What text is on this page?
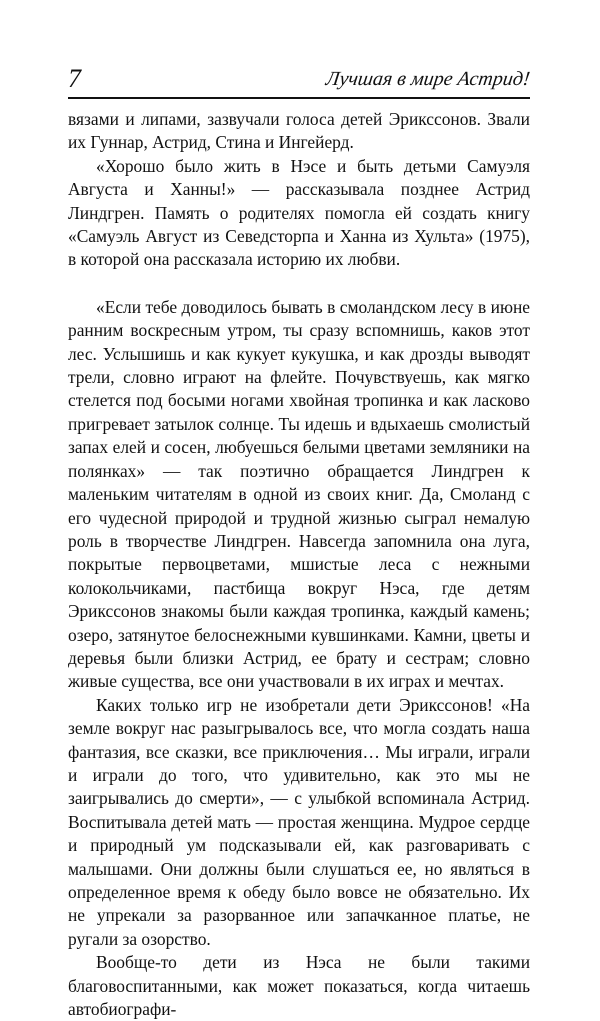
7	Лучшая в мире Астрид!

вязами и липами, зазвучали голоса детей Эрикссонов. Звали их Гуннар, Астрид, Стина и Ингейерд.

«Хорошо было жить в Нэсе и быть детьми Самуэля Августа и Ханны!» — рассказывала позднее Астрид Линдгрен. Память о родителях помогла ей создать книгу «Самуэль Август из Севедсторпа и Ханна из Хульта» (1975), в которой она рассказала историю их любви.

«Если тебе доводилось бывать в смоландском лесу в июне ранним воскресным утром, ты сразу вспомнишь, каков этот лес. Услышишь и как кукует кукушка, и как дрозды выводят трели, словно играют на флейте. Почувствуешь, как мягко стелется под босыми ногами хвойная тропинка и как ласково пригревает затылок солнце. Ты идешь и вдыхаешь смолистый запах елей и сосен, любуешься белыми цветами земляники на полянках» — так поэтично обращается Линдгрен к маленьким читателям в одной из своих книг. Да, Смоланд с его чудесной природой и трудной жизнью сыграл немалую роль в творчестве Линдгрен. Навсегда запомнила она луга, покрытые первоцветами, мшистые леса с нежными колокольчиками, пастбища вокруг Нэса, где детям Эрикссонов знакомы были каждая тропинка, каждый камень; озеро, затянутое белоснежными кувшинками. Камни, цветы и деревья были близки Астрид, ее брату и сестрам; словно живые существа, все они участвовали в их играх и мечтах.

Каких только игр не изобретали дети Эрикссонов! «На земле вокруг нас разыгрывалось все, что могла создать наша фантазия, все сказки, все приключения… Мы играли, играли и играли до того, что удивительно, как это мы не заигрывались до смерти», — с улыбкой вспоминала Астрид. Воспитывала детей мать — простая женщина. Мудрое сердце и природный ум подсказывали ей, как разговаривать с малышами. Они должны были слушаться ее, но являться в определенное время к обеду было вовсе не обязательно. Их не упрекали за разорванное или запачканное платье, не ругали за озорство.

Вообще-то дети из Нэса не были такими благовоспитанными, как может показаться, когда читаешь автобиографи-
